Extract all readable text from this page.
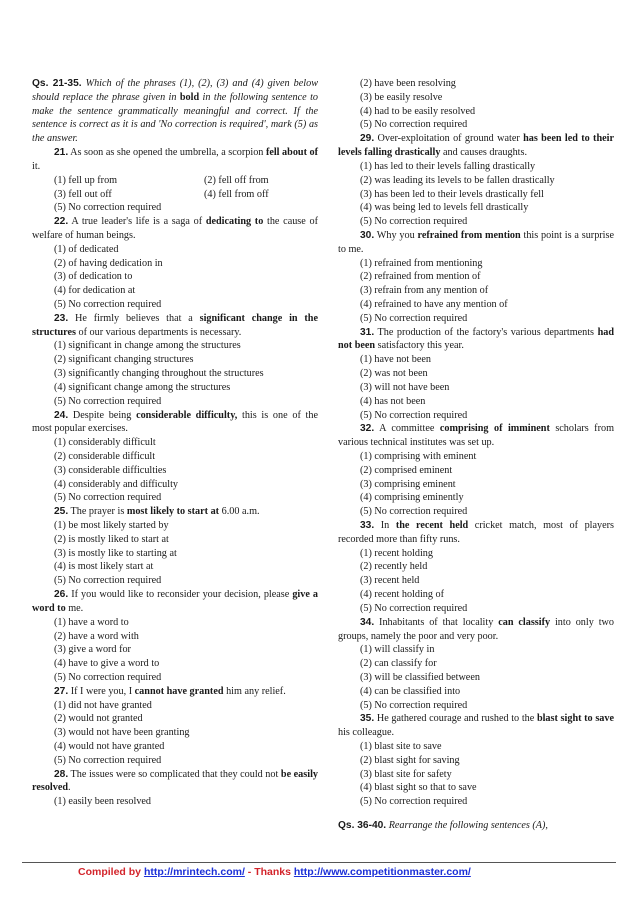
Qs. 21-35. Which of the phrases (1), (2), (3) and (4) given below should replace the phrase given in bold in the following sentence to make the sentence grammatically meaningful and correct. If the sentence is correct as it is and 'No correction is required', mark (5) as the answer.

21. As soon as she opened the umbrella, a scorpion fell about of it.

(1) fell up from	(2) fell off from
(3) fell out off	(4) fell from off

(5) No correction required

22. A true leader's life is a saga of dedicating to the cause of welfare of human beings.

(1) of dedicated

(2) of having dedication in

(3) of dedication to

(4) for dedication at

(5) No correction required

23. He firmly believes that a significant change in the structures of our various departments is necessary.

(1) significant in change among the structures

(2) significant changing structures

(3) significantly changing throughout the structures

(4) significant change among the structures

(5) No correction required

24. Despite being considerable difficulty, this is one of the most popular exercises.

(1) considerably difficult

(2) considerable difficult

(3) considerable difficulties

(4) considerably and difficulty

(5) No correction required

25. The prayer is most likely to start at 6.00 a.m.

(1) be most likely started by

(2) is mostly liked to start at

(3) is mostly like to starting at

(4) is most likely start at

(5) No correction required

26. If you would like to reconsider your decision, please give a word to me.

(1) have a word to

(2) have a word with

(3) give a word for

(4) have to give a word to

(5) No correction required

27. If I were you, I cannot have granted him any relief.

(1) did not have granted

(2) would not granted

(3) would not have been granting

(4) would not have granted

(5) No correction required

28. The issues were so complicated that they could not be easily resolved.

(1) easily been resolved

(2) have been resolving

(3) be easily resolve

(4) had to be easily resolved

(5) No correction required

29. Over-exploitation of ground water has been led to their levels falling drastically and causes draughts.

(1) has led to their levels falling drastically

(2) was leading its levels to be fallen drastically

(3) has been led to their levels drastically fell

(4) was being led to levels fell drastically

(5) No correction required

30. Why you refrained from mention this point is a surprise to me.

(1) refrained from mentioning

(2) refrained from mention of

(3) refrain from any mention of

(4) refrained to have any mention of

(5) No correction required

31. The production of the factory's various departments had not been satisfactory this year.

(1) have not been

(2) was not been

(3) will not have been

(4) has not been

(5) No correction required

32. A committee comprising of imminent scholars from various technical institutes was set up.

(1) comprising with eminent

(2) comprised eminent

(3) comprising eminent

(4) comprising eminently

(5) No correction required

33. In the recent held cricket match, most of players recorded more than fifty runs.

(1) recent holding

(2) recently held

(3) recent held

(4) recent holding of

(5) No correction required

34. Inhabitants of that locality can classify into only two groups, namely the poor and very poor.

(1) will classify in

(2) can classify for

(3) will be classified between

(4) can be classified into

(5) No correction required

35. He gathered courage and rushed to the blast sight to save his colleague.

(1) blast site to save

(2) blast sight for saving

(3) blast site for safety

(4) blast sight so that to save

(5) No correction required

Qs. 36-40. Rearrange the following sentences (A),

Compiled by http://mrintech.com/ - Thanks http://www.competitionmaster.com/
